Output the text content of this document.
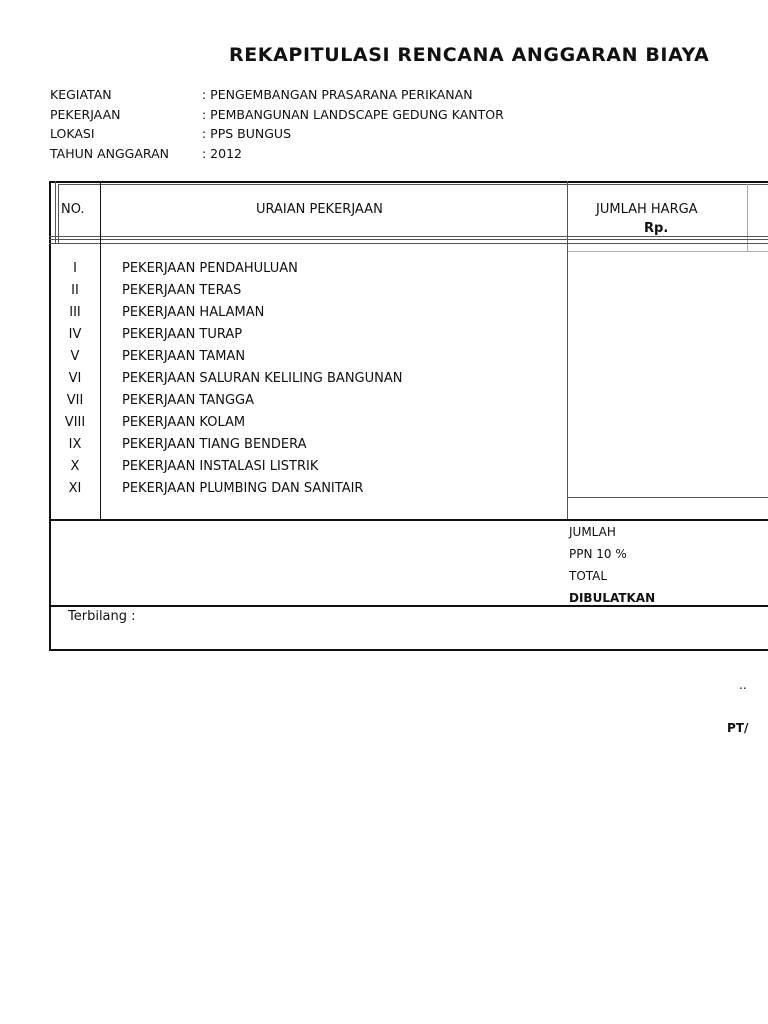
REKAPITULASI RENCANA ANGGARAN BIAYA
KEGIATAN	: PENGEMBANGAN PRASARANA PERIKANAN
PEKERJAAN	: PEMBANGUNAN LANDSCAPE GEDUNG KANTOR
LOKASI	: PPS BUNGUS
TAHUN ANGGARAN	: 2012
NO.	URAIAN PEKERJAAN	JUMLAH HARGA
Rp.
I	PEKERJAAN PENDAHULUAN
II	PEKERJAAN TERAS
III	PEKERJAAN HALAMAN
IV	PEKERJAAN TURAP
V	PEKERJAAN TAMAN
VI	PEKERJAAN SALURAN KELILING BANGUNAN
VII	PEKERJAAN TANGGA
VIII	PEKERJAAN KOLAM
IX	PEKERJAAN TIANG BENDERA
X	PEKERJAAN INSTALASI LISTRIK
XI	PEKERJAAN PLUMBING DAN SANITAIR
JUMLAH
PPN 10 %
TOTAL
DIBULATKAN
Terbilang :
..
PT/
